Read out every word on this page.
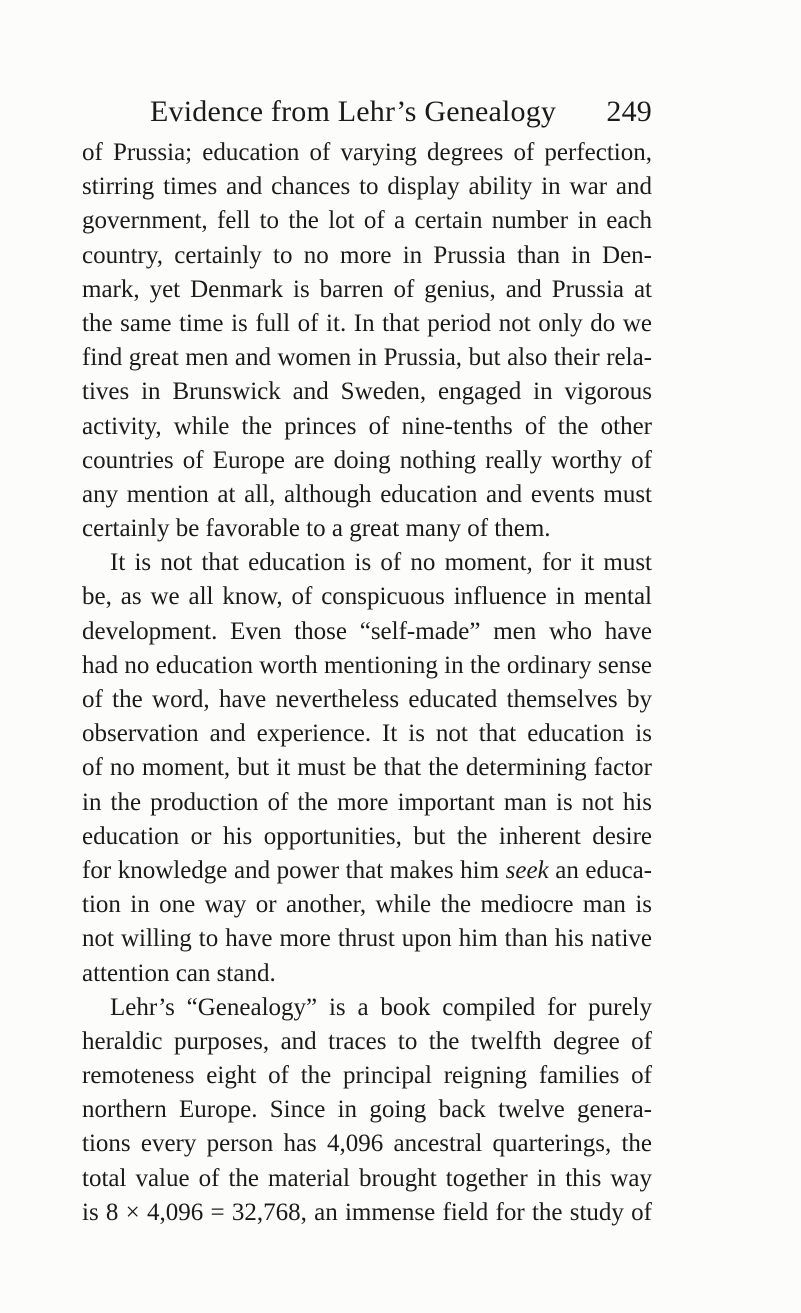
Evidence from Lehr’s Genealogy 249
of Prussia; education of varying degrees of perfection,
stirring times and chances to display ability in war and
government, fell to the lot of a certain number in each
country, certainly to no more in Prussia than in Den-
mark, yet Denmark is barren of genius, and Prussia at
the same time is full of it. In that period not only do we
find great men and women in Prussia, but also their rela-
tives in Brunswick and Sweden, engaged in vigorous
activity, while the princes of nine-tenths of the other
countries of Europe are doing nothing really worthy of
any mention at all, although education and events must
certainly be favorable to a great many of them.
It is not that education is of no moment, for it must
be, as we all know, of conspicuous influence in mental
development. Even those “self-made” men who have
had no education worth mentioning in the ordinary sense
of the word, have nevertheless educated themselves by
observation and experience. It is not that education is
of no moment, but it must be that the determining factor
in the production of the more important man is not his
education or his opportunities, but the inherent desire
for knowledge and power that makes him seek an educa-
tion in one way or another, while the mediocre man is
not willing to have more thrust upon him than his native
attention can stand.
Lehr’s “Genealogy” is a book compiled for purely
heraldic purposes, and traces to the twelfth degree of
remoteness eight of the principal reigning families of
northern Europe. Since in going back twelve genera-
tions every person has 4,096 ancestral quarterings, the
total value of the material brought together in this way
is 8 × 4,096 = 32,768, an immense field for the study of
